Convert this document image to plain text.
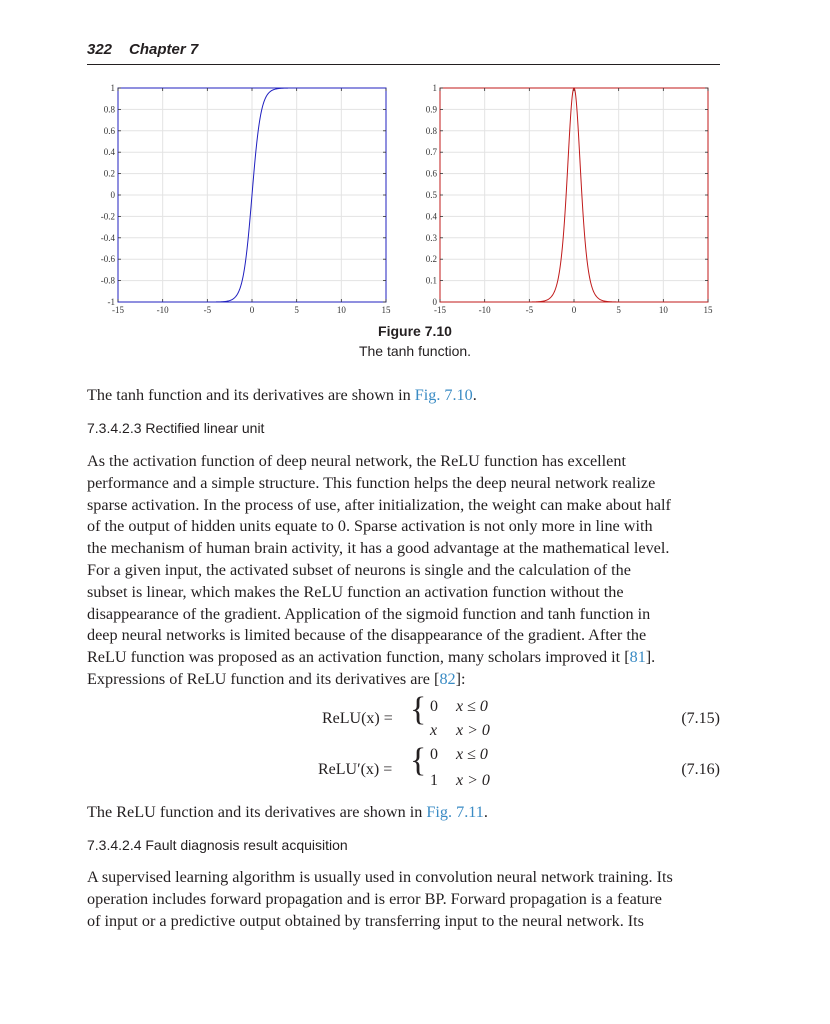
322 Chapter 7
-15	-10	-5	0	5	10	15
-1
-0.8
-0.6
-0.4
-0.2
0
0.2
0.4
0.6
0.8
1
-15	-10	-5	0	5	10	15
0
0.1
0.2
0.3
0.4
0.5
0.6
0.7
0.8
0.9
1
Figure 7.10
The tanh function.

The tanh function and its derivatives are shown in Fig. 7.10.

7.3.4.2.3 Rectified linear unit
As the activation function of deep neural network, the ReLU function has excellent
performance and a simple structure. This function helps the deep neural network realize
sparse activation. In the process of use, after initialization, the weight can make about half
of the output of hidden units equate to 0. Sparse activation is not only more in line with
the mechanism of human brain activity, it has a good advantage at the mathematical level.
For a given input, the activated subset of neurons is single and the calculation of the
subset is linear, which makes the ReLU function an activation function without the
disappearance of the gradient. Application of the sigmoid function and tanh function in
deep neural networks is limited because of the disappearance of the gradient. After the
ReLU function was proposed as an activation function, many scholars improved it [81].
Expressions of ReLU function and its derivatives are [82]:
ReLU(x) = { 0 x ≤ 0
x x > 0
(7.15)
ReLU′(x) = { 0 x ≤ 0
1 x > 0
(7.16)

The ReLU function and its derivatives are shown in Fig. 7.11.

7.3.4.2.4 Fault diagnosis result acquisition
A supervised learning algorithm is usually used in convolution neural network training. Its
operation includes forward propagation and is error BP. Forward propagation is a feature
of input or a predictive output obtained by transferring input to the neural network. Its
